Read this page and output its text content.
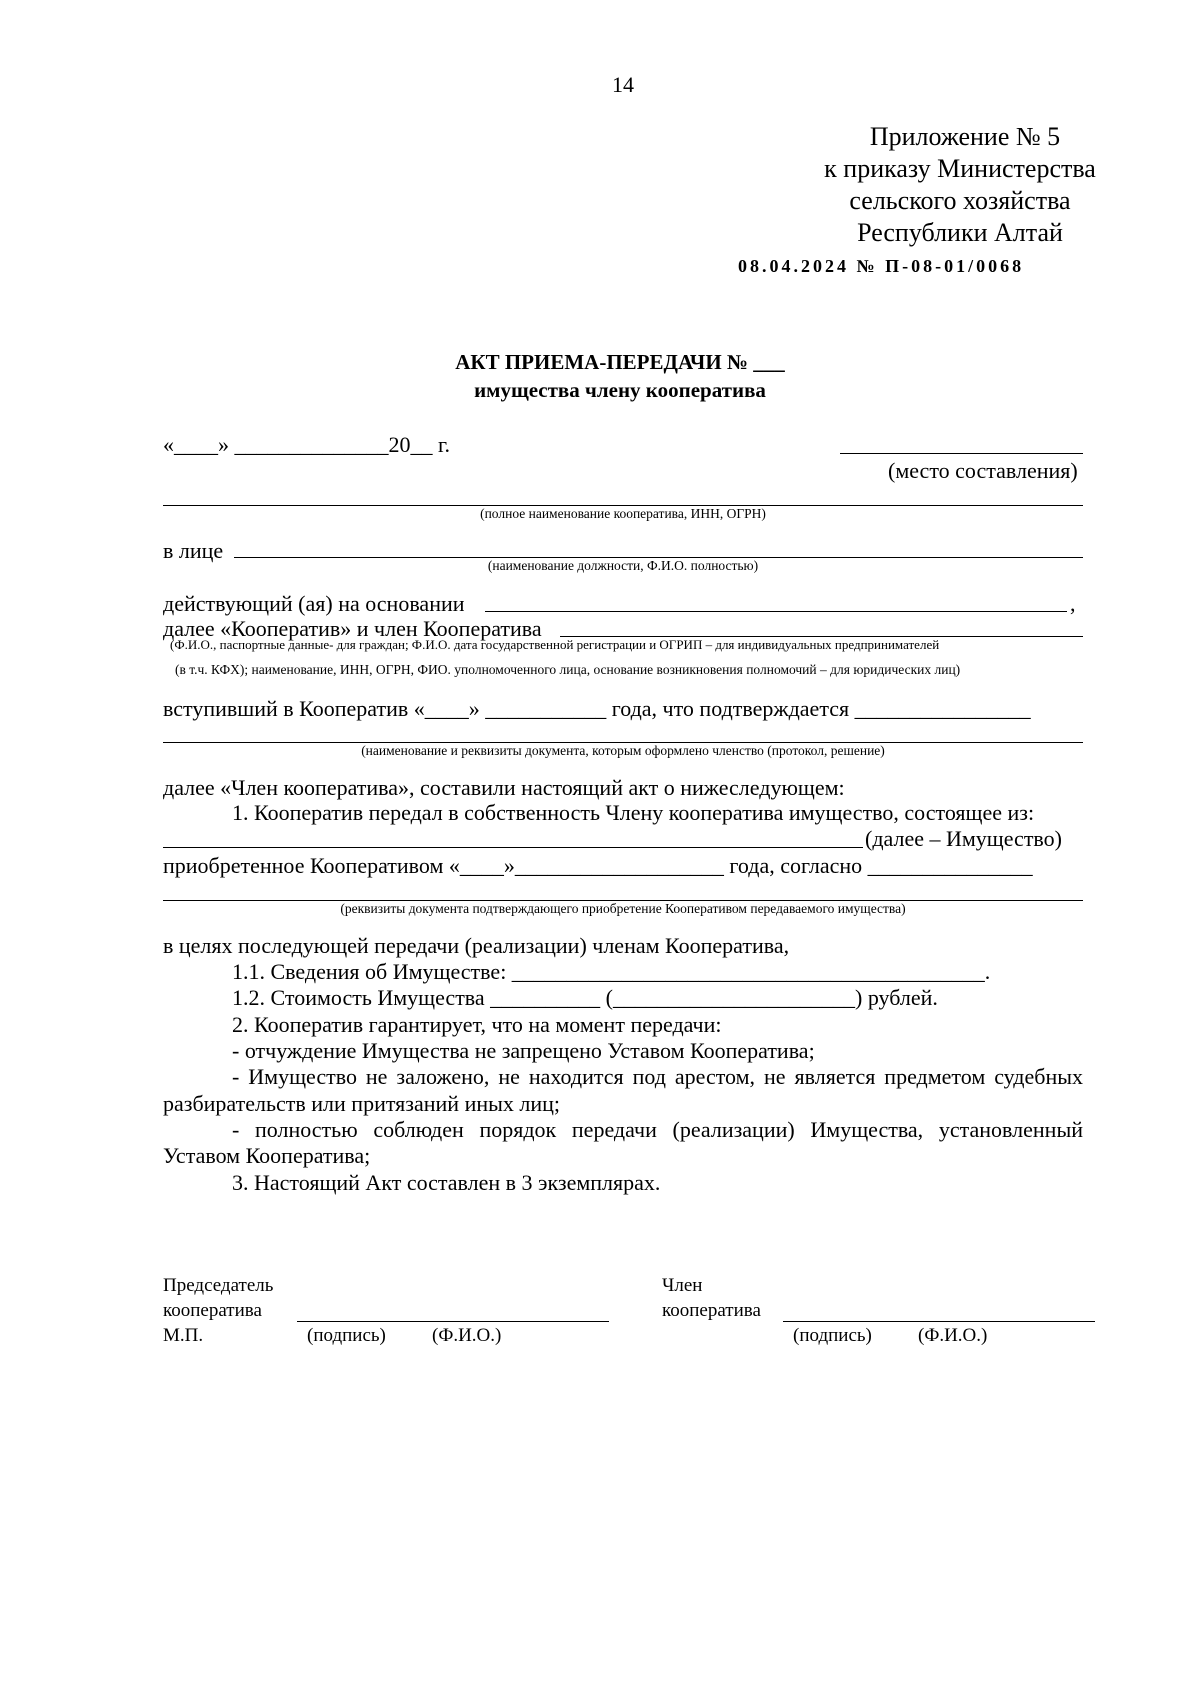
14
Приложение № 5
к приказу Министерства
сельского хозяйства
Республики Алтай
08.04.2024 № П-08-01/0068
АКТ ПРИЕМА-ПЕРЕДАЧИ № ___
имущества члену кооператива
«____» ______________20__ г.
(место составления)
(полное наименование кооператива, ИНН, ОГРН)
в лице
(наименование должности, Ф.И.О. полностью)
действующий (ая) на основании	,
далее «Кооператив» и член Кооператива
(Ф.И.О., паспортные данные- для граждан; Ф.И.О. дата государственной регистрации и ОГРИП – для индивидуальных предпринимателей
(в т.ч. КФХ); наименование, ИНН, ОГРН, ФИО. уполномоченного лица, основание возникновения полномочий – для юридических лиц)
вступивший в Кооператив «____» ___________ года, что подтверждается ________________
(наименование и реквизиты документа, которым оформлено членство (протокол, решение)
далее «Член кооператива», составили настоящий акт о нижеследующем:
1. Кооператив передал в собственность Члену кооператива имущество, состоящее из:
(далее – Имущество)
приобретенное Кооперативом «____»___________________ года, согласно _______________
(реквизиты документа подтверждающего приобретение Кооперативом передаваемого имущества)
в целях последующей передачи (реализации) членам Кооператива,
1.1. Сведения об Имуществе: ___________________________________________.
1.2. Стоимость Имущества __________ (______________________) рублей.
2. Кооператив гарантирует, что на момент передачи:
- отчуждение Имущества не запрещено Уставом Кооператива;
- Имущество не заложено, не находится под арестом, не является предметом судебных
разбирательств или притязаний иных лиц;
- полностью соблюден порядок передачи (реализации) Имущества, установленный
Уставом Кооператива;
3. Настоящий Акт составлен в 3 экземплярах.
Председатель
кооператива
М.П.	(подпись) (Ф.И.О.)
Член
кооператива
(подпись) (Ф.И.О.)
